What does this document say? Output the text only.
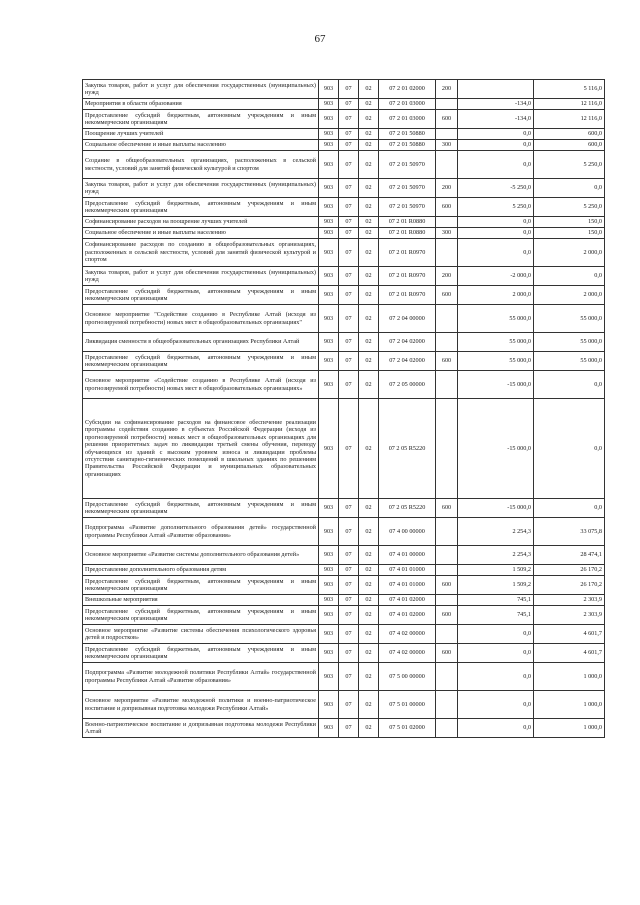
67
Закупка товаров, работ и услуг для обеспечения государственных (муниципальных) нужд	903	07	02	07 2 01 02000	200		5 116,0
Мероприятия в области образования	903	07	02	07 2 01 03000		-134,0	12 116,0
Предоставление субсидий бюджетным, автономным учреждениям и иным некоммерческим организациям	903	07	02	07 2 01 03000	600	-134,0	12 116,0
Поощрение лучших учителей	903	07	02	07 2 01 50880		0,0	600,0
Социальное обеспечение и иные выплаты населению	903	07	02	07 2 01 50880	300	0,0	600,0
Создание в общеобразовательных организациях, расположенных в сельской местности, условий для занятий физической культурой и спортом	903	07	02	07 2 01 50970		0,0	5 250,0
Закупка товаров, работ и услуг для обеспечения государственных (муниципальных) нужд	903	07	02	07 2 01 50970	200	-5 250,0	0,0
Предоставление субсидий бюджетным, автономным учреждениям и иным некоммерческим организациям	903	07	02	07 2 01 50970	600	5 250,0	5 250,0
Софинансирование расходов на поощрение лучших учителей	903	07	02	07 2 01 R0880		0,0	150,0
Социальное обеспечение и иные выплаты населению	903	07	02	07 2 01 R0880	300	0,0	150,0
Софинансирование расходов по созданию в общеобразовательных организациях, расположенных в сельской местности, условий для занятий физической культурой и спортом	903	07	02	07 2 01 R0970		0,0	2 000,0
Закупка товаров, работ и услуг для обеспечения государственных (муниципальных) нужд	903	07	02	07 2 01 R0970	200	-2 000,0	0,0
Предоставление субсидий бюджетным, автономным учреждениям и иным некоммерческим организациям	903	07	02	07 2 01 R0970	600	2 000,0	2 000,0
Основное мероприятие "Содействие созданию в Республике Алтай (исходя из прогнозируемой потребности) новых мест в общеобразовательных организациях"	903	07	02	07 2 04 00000		55 000,0	55 000,0
Ликвидация сменности в общеобразовательных организациях Республики Алтай	903	07	02	07 2 04 02000		55 000,0	55 000,0
Предоставление субсидий бюджетным, автономным учреждениям и иным некоммерческим организациям	903	07	02	07 2 04 02000	600	55 000,0	55 000,0
Основное мероприятие «Содействие созданию в Республике Алтай (исходя из прогнозируемой потребности) новых мест в общеобразовательных организациях»	903	07	02	07 2 05 00000		-15 000,0	0,0
Субсидии на софинансирование расходов на финансовое обеспечение реализации программы содействия созданию в субъектах Российской Федерации (исходя из прогнозируемой потребности) новых мест в общеобразовательных организациях для решения приоритетных задач по ликвидации третьей смены обучения, переводу обучающихся из зданий с высоким уровнем износа и ликвидации проблемы отсутствия санитарно-гигиенических помещений в школьных зданиях по решениям Правительства Российской Федерации и муниципальных образовательных организациях	903	07	02	07 2 05 R5220		-15 000,0	0,0
Предоставление субсидий бюджетным, автономным учреждениям и иным некоммерческим организациям	903	07	02	07 2 05 R5220	600	-15 000,0	0,0
Подпрограмма «Развитие дополнительного образования детей» государственной программы Республики Алтай «Развитие образования»	903	07	02	07 4 00 00000		2 254,3	33 075,8
Основное мероприятие «Развитие системы дополнительного образования детей»	903	07	02	07 4 01 00000		2 254,3	28 474,1
Предоставление дополнительного образования детям	903	07	02	07 4 01 01000		1 509,2	26 170,2
Предоставление субсидий бюджетным, автономным учреждениям и иным некоммерческим организациям	903	07	02	07 4 01 01000	600	1 509,2	26 170,2
Внешкольные мероприятия	903	07	02	07 4 01 02000		745,1	2 303,9
Предоставление субсидий бюджетным, автономным учреждениям и иным некоммерческим организациям	903	07	02	07 4 01 02000	600	745,1	2 303,9
Основное мероприятие «Развитие системы обеспечения психологического здоровья детей и подростков»	903	07	02	07 4 02 00000		0,0	4 601,7
Предоставление субсидий бюджетным, автономным учреждениям и иным некоммерческим организациям	903	07	02	07 4 02 00000	600	0,0	4 601,7
Подпрограмма «Развитие молодежной политики Республики Алтай» государственной программы Республики Алтай «Развитие образования»	903	07	02	07 5 00 00000		0,0	1 000,0
Основное мероприятие «Развитие молодежной политики и военно-патриотическое воспитание и допризывная подготовка молодежи Республики Алтай»	903	07	02	07 5 01 00000		0,0	1 000,0
Военно-патриотическое воспитание и допризывная подготовка молодежи Республики Алтай	903	07	02	07 5 01 02000		0,0	1 000,0
